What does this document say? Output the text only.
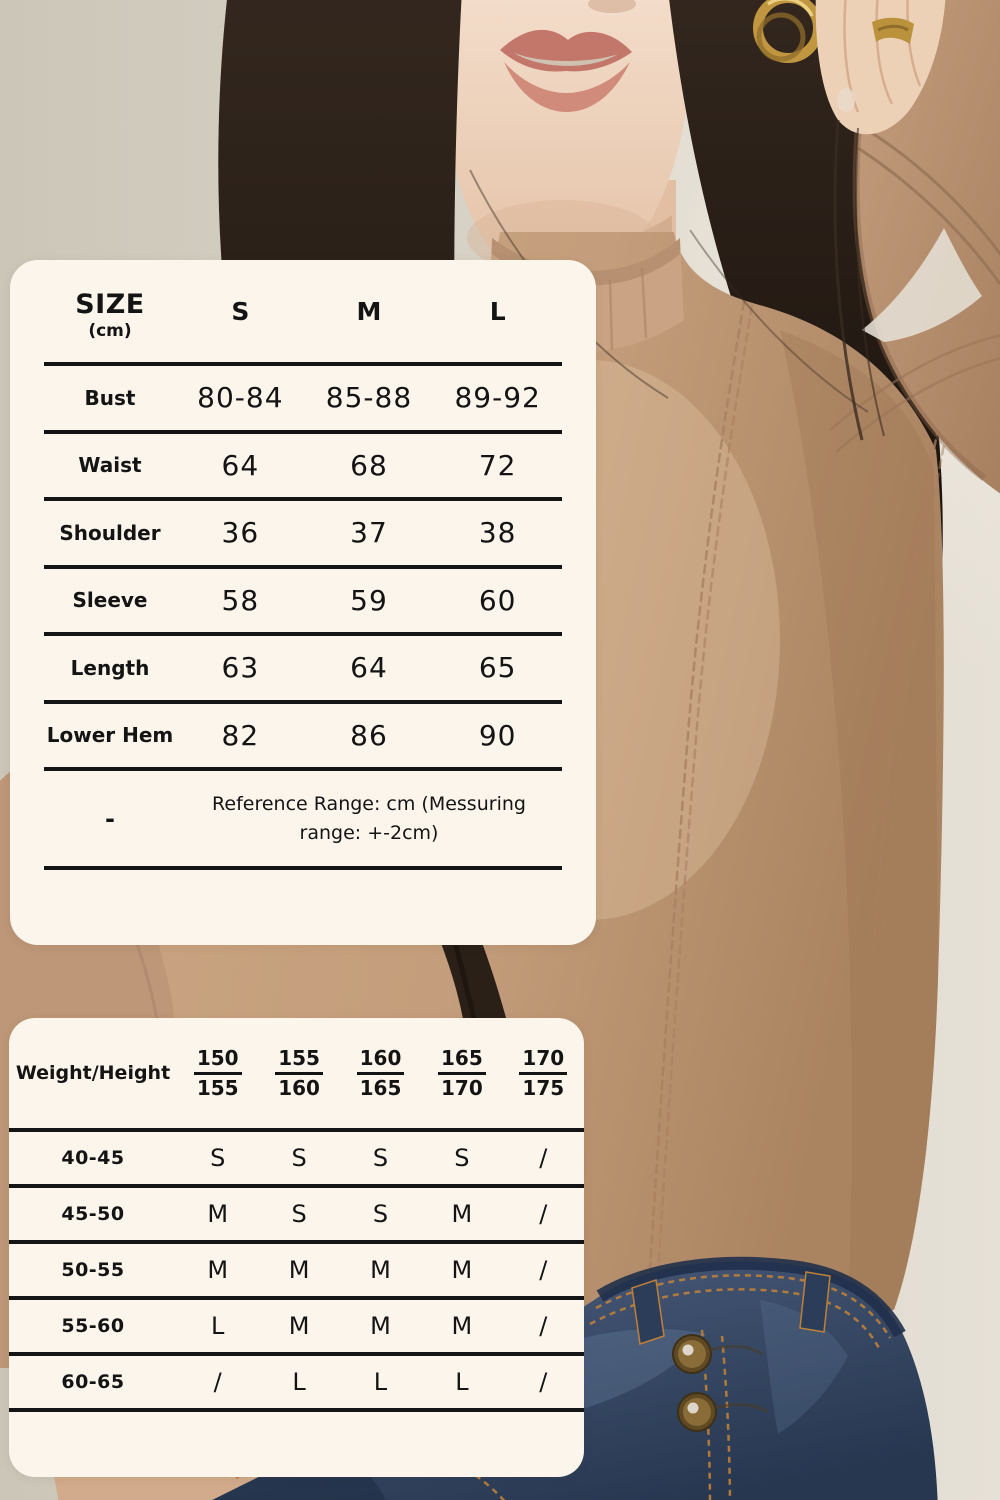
SIZE
(cm)
S	M	L
Bust	80-84	85-88	89-92
Waist	64	68	72
Shoulder	36	37	38
Sleeve	58	59	60
Length	63	64	65
Lower Hem	82	86	90
-
Reference Range: cm (Messuring range: +-2cm)
Weight/Height $\frac{150}{155} \frac{155}{160} \frac{160}{165} \frac{165}{170} \frac{170}{175}$
40-45	S	S	S	S	/
45-50	M	S	S	M	/
50-55	M	M	M	M	/
55-60	L	M	M	M	/
60-65	/	L	L	L	/
